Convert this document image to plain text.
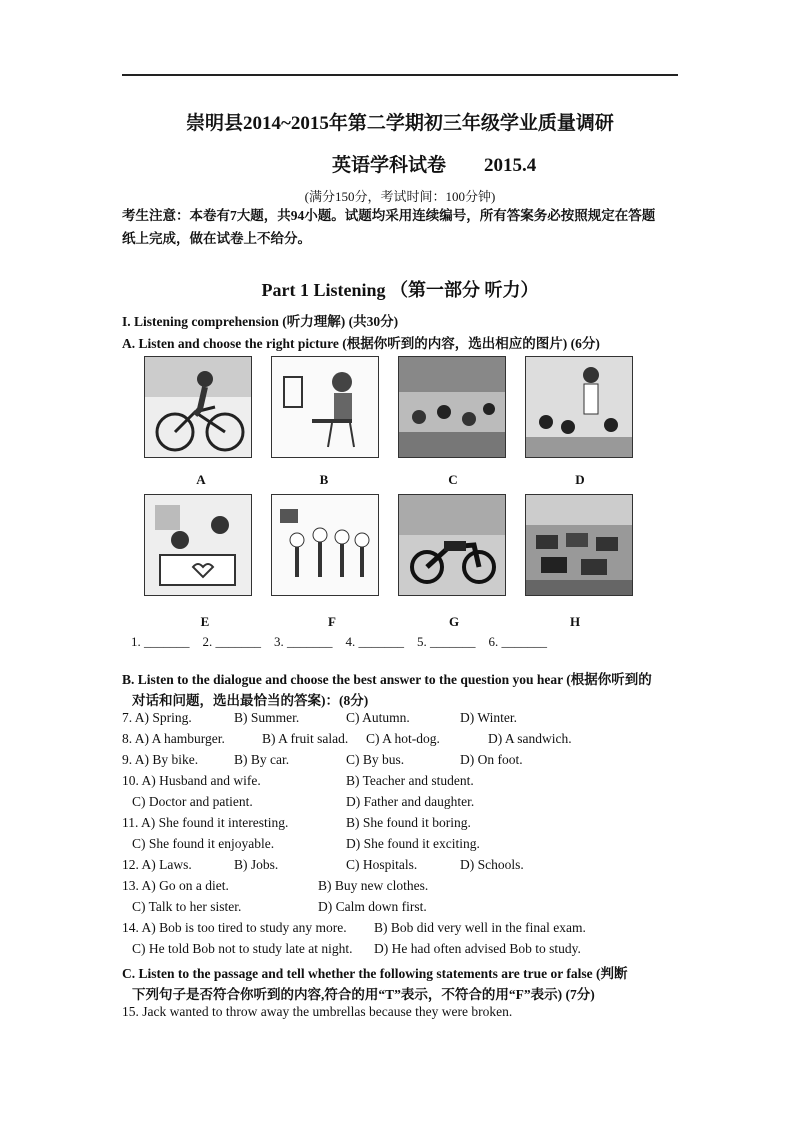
崇明县2014~2015年第二学期初三年级学业质量调研
英语学科试卷 2015.4
(满分150分，考试时间：100分钟)
考生注意：本卷有7大题，共94小题。试题均采用连续编号，所有答案务必按照规定在答题
纸上完成，做在试卷上不给分。
Part 1 Listening （第一部分 听力）
I. Listening comprehension (听力理解) (共30分)
A. Listen and choose the right picture (根据你听到的内容，选出相应的图片) (6分)
A	B	C	D
E	F	G	H
1. _______    2. _______    3. _______    4. _______    5. _______    6. _______
B. Listen to the dialogue and choose the best answer to the question you hear (根据你听到的
对话和问题，选出最恰当的答案)：(8分)
7. A) Spring.	B) Summer.	C) Autumn.	D) Winter.
8. A) A hamburger.	B) A fruit salad. C) A hot-dog.	D) A sandwich.
9. A) By bike.	B) By car.	C) By bus.	D) On foot.
10. A) Husband and wife.	B) Teacher and student.
C) Doctor and patient.	D) Father and daughter.
11. A) She found it interesting.	B) She found it boring.
C) She found it enjoyable.	D) She found it exciting.
12. A) Laws.	B) Jobs.	C) Hospitals.	D) Schools.
13. A) Go on a diet.	B) Buy new clothes.
C) Talk to her sister.	D) Calm down first.
14. A) Bob is too tired to study any more. B) Bob did very well in the final exam.
C) He told Bob not to study late at night. D) He had often advised Bob to study.
C. Listen to the passage and tell whether the following statements are true or false (判断
下列句子是否符合你听到的内容,符合的用“T”表示，不符合的用“F”表示) (7分)
15. Jack wanted to throw away the umbrellas because they were broken.
